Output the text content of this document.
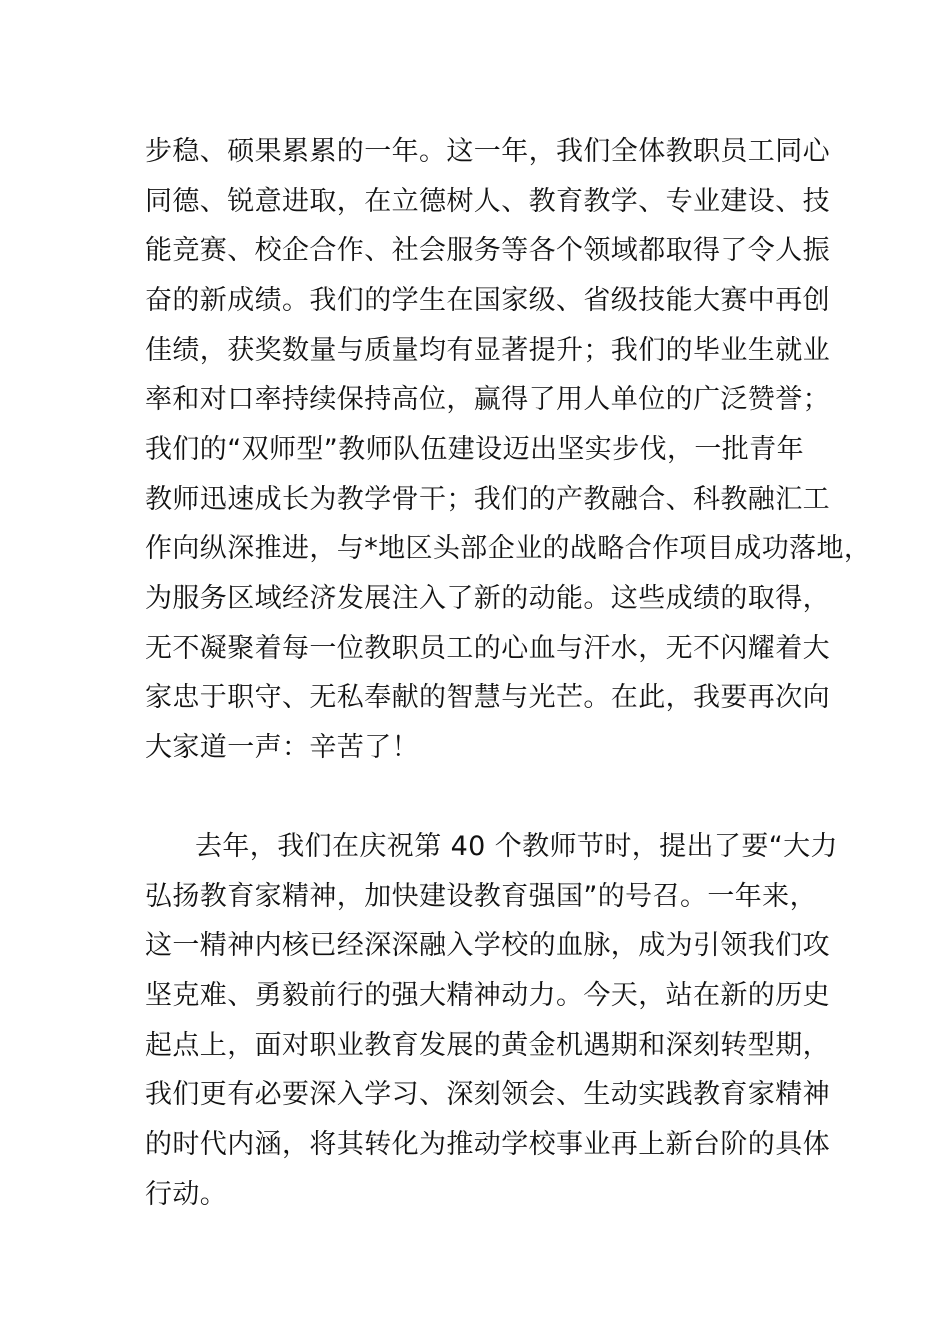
步稳、硕果累累的一年。这一年，我们全体教职员工同心
同德、锐意进取，在立德树人、教育教学、专业建设、技
能竞赛、校企合作、社会服务等各个领域都取得了令人振
奋的新成绩。我们的学生在国家级、省级技能大赛中再创
佳绩，获奖数量与质量均有显著提升；我们的毕业生就业
率和对口率持续保持高位，赢得了用人单位的广泛赞誉；
我们的“双师型”教师队伍建设迈出坚实步伐，一批青年
教师迅速成长为教学骨干；我们的产教融合、科教融汇工
作向纵深推进，与*地区头部企业的战略合作项目成功落地，
为服务区域经济发展注入了新的动能。这些成绩的取得，
无不凝聚着每一位教职员工的心血与汗水，无不闪耀着大
家忠于职守、无私奉献的智慧与光芒。在此，我要再次向
大家道一声：辛苦了！
去年，我们在庆祝第 40 个教师节时，提出了要“大力
弘扬教育家精神，加快建设教育强国”的号召。一年来，
这一精神内核已经深深融入学校的血脉，成为引领我们攻
坚克难、勇毅前行的强大精神动力。今天，站在新的历史
起点上，面对职业教育发展的黄金机遇期和深刻转型期，
我们更有必要深入学习、深刻领会、生动实践教育家精神
的时代内涵，将其转化为推动学校事业再上新台阶的具体
行动。
